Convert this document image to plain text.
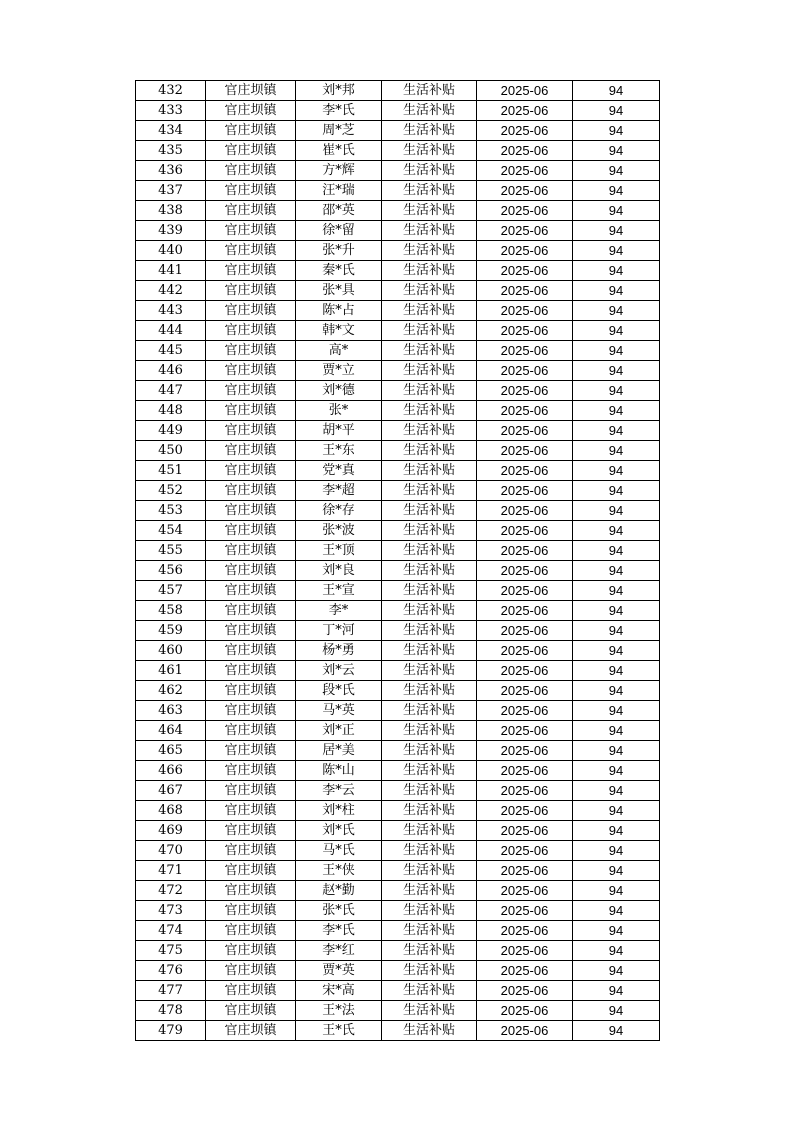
432	官庄坝镇	刘*邦	生活补贴	2025-06	94
433	官庄坝镇	李*氏	生活补贴	2025-06	94
434	官庄坝镇	周*芝	生活补贴	2025-06	94
435	官庄坝镇	崔*氏	生活补贴	2025-06	94
436	官庄坝镇	方*辉	生活补贴	2025-06	94
437	官庄坝镇	汪*瑞	生活补贴	2025-06	94
438	官庄坝镇	邵*英	生活补贴	2025-06	94
439	官庄坝镇	徐*留	生活补贴	2025-06	94
440	官庄坝镇	张*升	生活补贴	2025-06	94
441	官庄坝镇	秦*氏	生活补贴	2025-06	94
442	官庄坝镇	张*具	生活补贴	2025-06	94
443	官庄坝镇	陈*占	生活补贴	2025-06	94
444	官庄坝镇	韩*文	生活补贴	2025-06	94
445	官庄坝镇	高*	生活补贴	2025-06	94
446	官庄坝镇	贾*立	生活补贴	2025-06	94
447	官庄坝镇	刘*德	生活补贴	2025-06	94
448	官庄坝镇	张*	生活补贴	2025-06	94
449	官庄坝镇	胡*平	生活补贴	2025-06	94
450	官庄坝镇	王*东	生活补贴	2025-06	94
451	官庄坝镇	党*真	生活补贴	2025-06	94
452	官庄坝镇	李*超	生活补贴	2025-06	94
453	官庄坝镇	徐*存	生活补贴	2025-06	94
454	官庄坝镇	张*波	生活补贴	2025-06	94
455	官庄坝镇	王*顶	生活补贴	2025-06	94
456	官庄坝镇	刘*良	生活补贴	2025-06	94
457	官庄坝镇	王*宣	生活补贴	2025-06	94
458	官庄坝镇	李*	生活补贴	2025-06	94
459	官庄坝镇	丁*河	生活补贴	2025-06	94
460	官庄坝镇	杨*勇	生活补贴	2025-06	94
461	官庄坝镇	刘*云	生活补贴	2025-06	94
462	官庄坝镇	段*氏	生活补贴	2025-06	94
463	官庄坝镇	马*英	生活补贴	2025-06	94
464	官庄坝镇	刘*正	生活补贴	2025-06	94
465	官庄坝镇	居*美	生活补贴	2025-06	94
466	官庄坝镇	陈*山	生活补贴	2025-06	94
467	官庄坝镇	李*云	生活补贴	2025-06	94
468	官庄坝镇	刘*柱	生活补贴	2025-06	94
469	官庄坝镇	刘*氏	生活补贴	2025-06	94
470	官庄坝镇	马*氏	生活补贴	2025-06	94
471	官庄坝镇	王*侠	生活补贴	2025-06	94
472	官庄坝镇	赵*勤	生活补贴	2025-06	94
473	官庄坝镇	张*氏	生活补贴	2025-06	94
474	官庄坝镇	李*氏	生活补贴	2025-06	94
475	官庄坝镇	李*红	生活补贴	2025-06	94
476	官庄坝镇	贾*英	生活补贴	2025-06	94
477	官庄坝镇	宋*高	生活补贴	2025-06	94
478	官庄坝镇	王*法	生活补贴	2025-06	94
479	官庄坝镇	王*氏	生活补贴	2025-06	94
